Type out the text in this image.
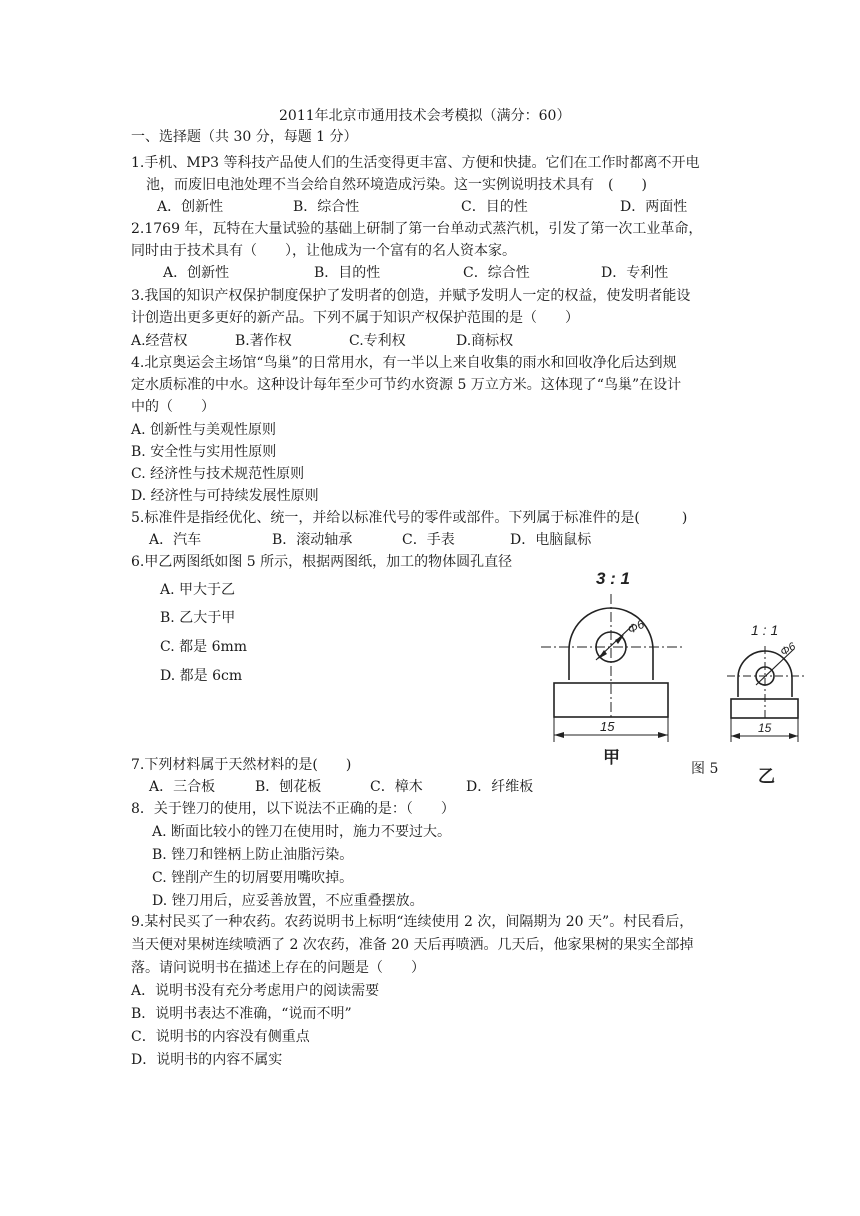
2011年北京市通用技术会考模拟（满分：60）
一、选择题（共 30 分，每题 1 分）
1.手机、MP3 等科技产品使人们的生活变得更丰富、方便和快捷。它们在工作时都离不开电
池，而废旧电池处理不当会给自然环境造成污染。这一实例说明技术具有　(　　)
A．创新性	B．综合性	C．目的性	D．两面性
2.1769 年，瓦特在大量试验的基础上研制了第一台单动式蒸汽机，引发了第一次工业革命，
同时由于技术具有（　　），让他成为一个富有的名人资本家。
A．创新性	B．目的性	C．综合性	D．专利性
3.我国的知识产权保护制度保护了发明者的创造，并赋予发明人一定的权益，使发明者能设
计创造出更多更好的新产品。下列不属于知识产权保护范围的是（　　）
A.经营权	B.著作权	C.专利权	D.商标权
4.北京奥运会主场馆“鸟巢”的日常用水，有一半以上来自收集的雨水和回收净化后达到规
定水质标准的中水。这种设计每年至少可节约水资源 5 万立方米。这体现了“鸟巢”在设计
中的（　　）
A. 创新性与美观性原则
B. 安全性与实用性原则
C. 经济性与技术规范性原则
D. 经济性与可持续发展性原则
5.标准件是指经优化、统一，并给以标准代号的零件或部件。下列属于标准件的是(　　　)
A．汽车	B．滚动轴承	C．手表	D．电脑鼠标
6.甲乙两图纸如图 5 所示，根据两图纸，加工的物体圆孔直径
A. 甲大于乙
B. 乙大于甲
C. 都是 6mm
D. 都是 6cm
3 : 1
Φ6
15
甲
1 : 1
Φ6
15
乙
图 5
7.下列材料属于天然材料的是(　　)
A．三合板	B．刨花板	C．樟木	D．纤维板
8．关于锉刀的使用，以下说法不正确的是：（　　）
A. 断面比较小的锉刀在使用时，施力不要过大。
B. 锉刀和锉柄上防止油脂污染。
C. 锉削产生的切屑要用嘴吹掉。
D. 锉刀用后，应妥善放置，不应重叠摆放。
9.某村民买了一种农药。农药说明书上标明“连续使用 2 次，间隔期为 20 天”。村民看后，
当天便对果树连续喷洒了 2 次农药，准备 20 天后再喷洒。几天后，他家果树的果实全部掉
落。请问说明书在描述上存在的问题是（　　）
A．说明书没有充分考虑用户的阅读需要
B．说明书表达不准确，“说而不明”
C．说明书的内容没有侧重点
D．说明书的内容不属实
